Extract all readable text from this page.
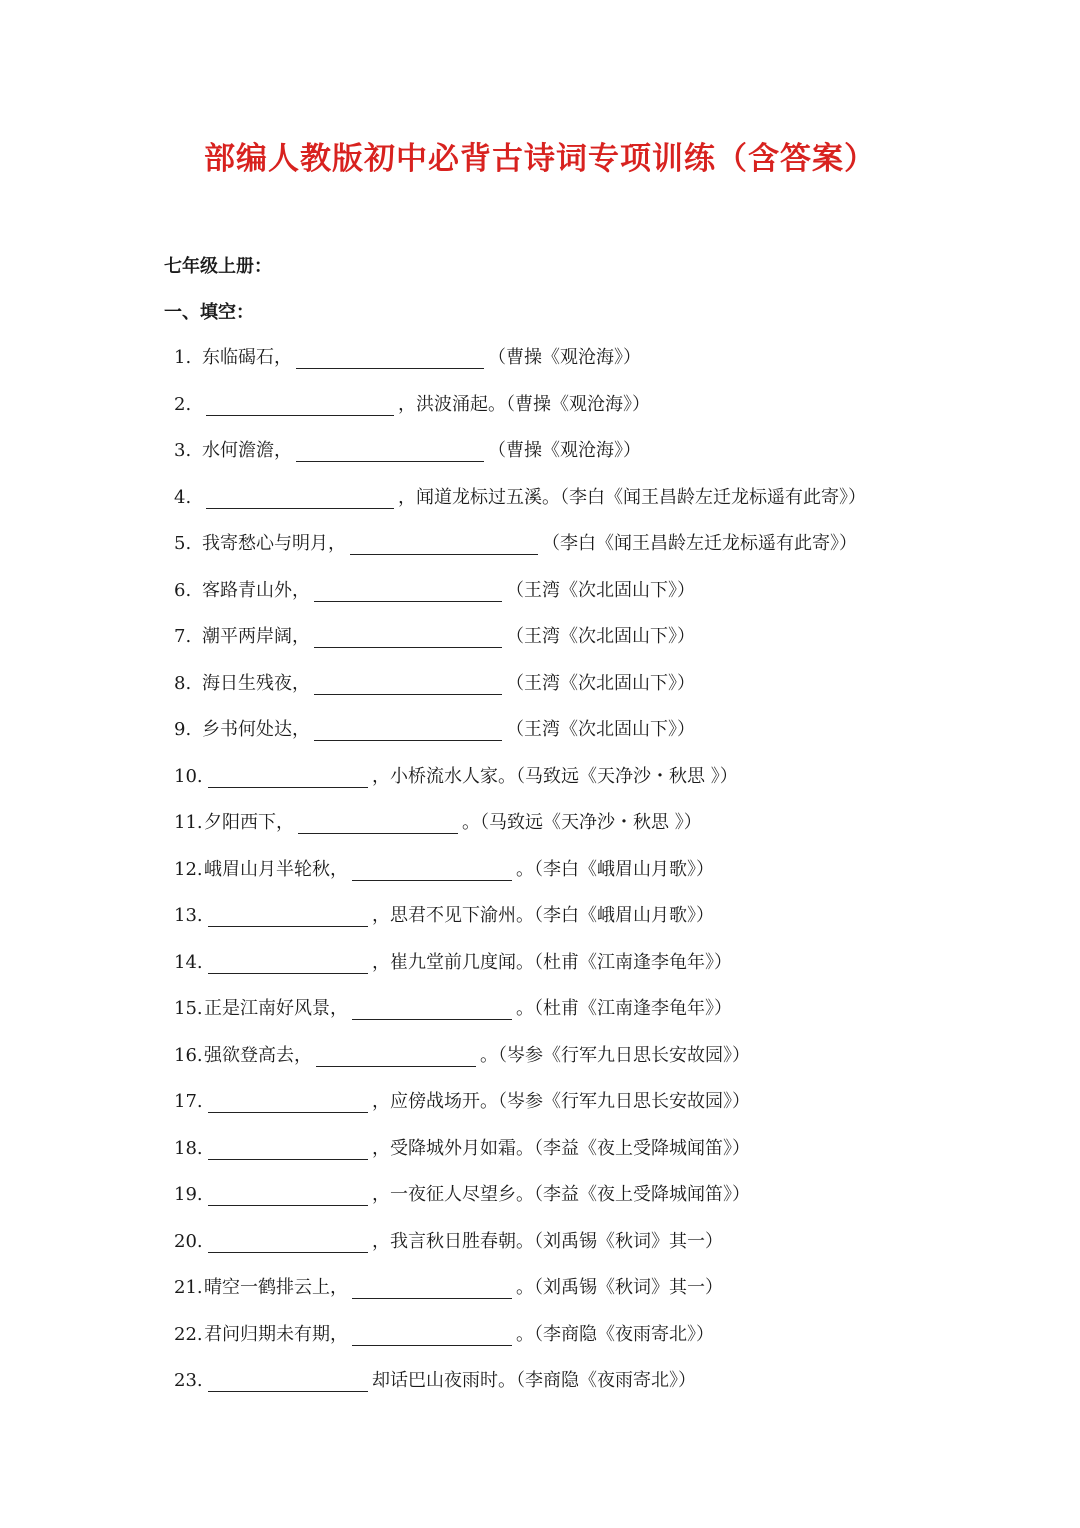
部编人教版初中必背古诗词专项训练（含答案）
七年级上册：
一、填空：
1. 东临碣石，	（曹操《观沧海》）
2.	，洪波涌起。（曹操《观沧海》）
3. 水何澹澹，	（曹操《观沧海》）
4.	，闻道龙标过五溪。（李白《闻王昌龄左迁龙标遥有此寄》）
5. 我寄愁心与明月，	（李白《闻王昌龄左迁龙标遥有此寄》）
6. 客路青山外，	（王湾《次北固山下》）
7. 潮平两岸阔，	（王湾《次北固山下》）
8. 海日生残夜，	（王湾《次北固山下》）
9. 乡书何处达，	（王湾《次北固山下》）
10.	，小桥流水人家。（马致远《天净沙・秋思 》）
11. 夕阳西下，	。（马致远《天净沙・秋思 》）
12. 峨眉山月半轮秋，	。（李白《峨眉山月歌》）
13.	，思君不见下渝州。（李白《峨眉山月歌》）
14.	，崔九堂前几度闻。（杜甫《江南逢李龟年》）
15. 正是江南好风景，	。（杜甫《江南逢李龟年》）
16. 强欲登高去，	。（岑参《行军九日思长安故园》）
17.	，应傍战场开。（岑参《行军九日思长安故园》）
18.	，受降城外月如霜。（李益《夜上受降城闻笛》）
19.	，一夜征人尽望乡。（李益《夜上受降城闻笛》）
20.	，我言秋日胜春朝。（刘禹锡《秋词》其一）
21. 晴空一鹤排云上，	。（刘禹锡《秋词》其一）
22. 君问归期未有期，	。（李商隐《夜雨寄北》）
23.	却话巴山夜雨时。（李商隐《夜雨寄北》）
